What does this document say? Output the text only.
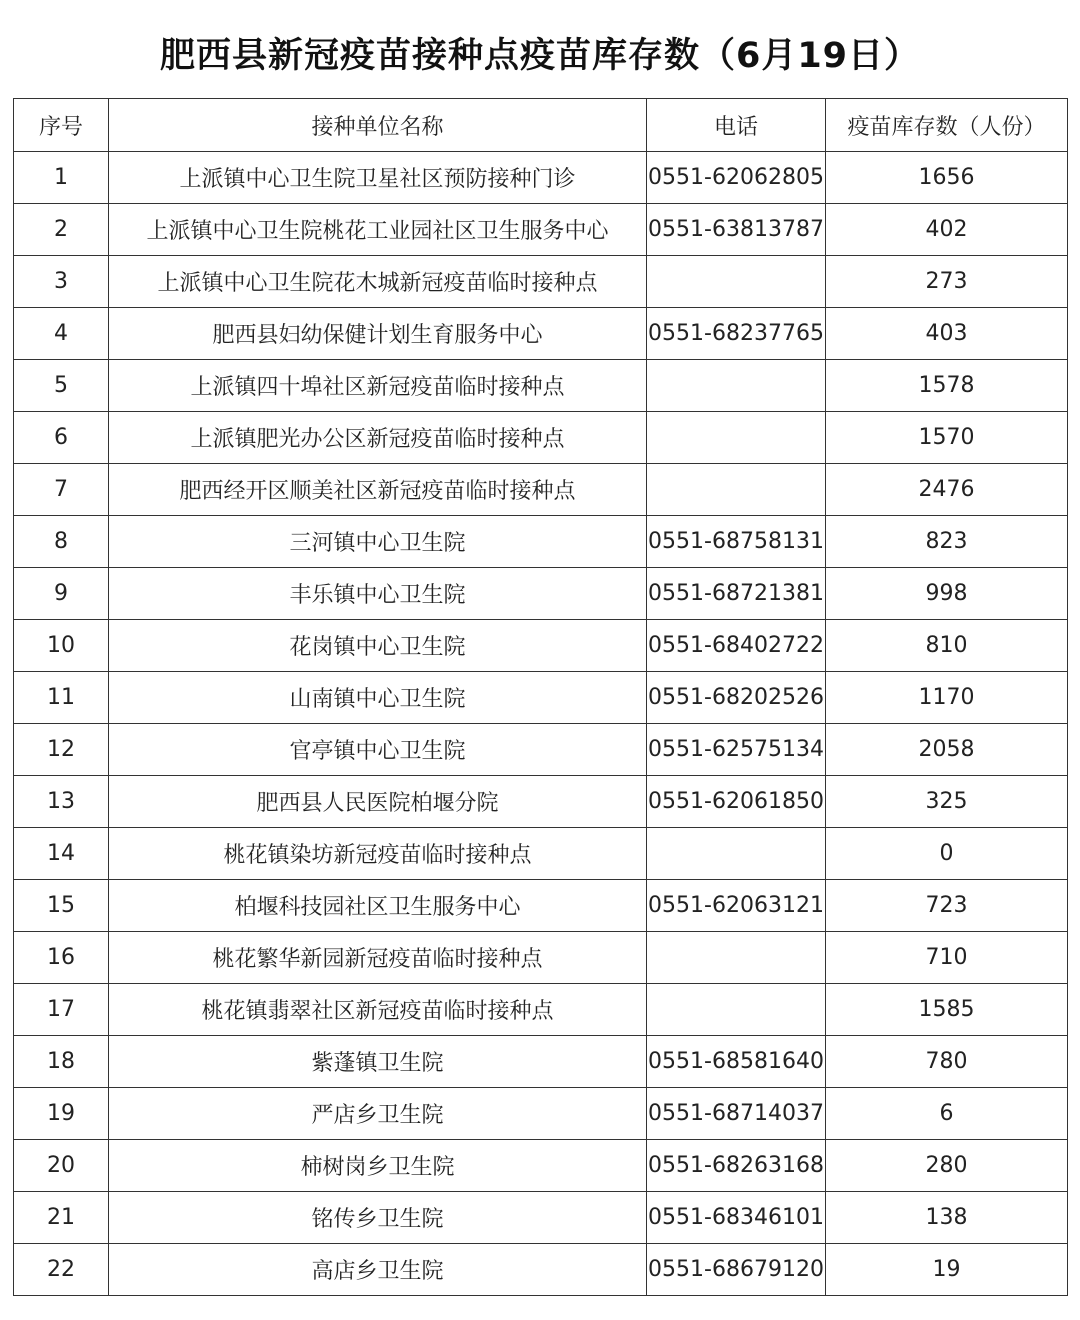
肥西县新冠疫苗接种点疫苗库存数（6月19日）
序号	接种单位名称	电话	疫苗库存数（人份）
1	上派镇中心卫生院卫星社区预防接种门诊	0551-62062805	1656
2	上派镇中心卫生院桃花工业园社区卫生服务中心	0551-63813787	402
3	上派镇中心卫生院花木城新冠疫苗临时接种点		273
4	肥西县妇幼保健计划生育服务中心	0551-68237765	403
5	上派镇四十埠社区新冠疫苗临时接种点		1578
6	上派镇肥光办公区新冠疫苗临时接种点		1570
7	肥西经开区顺美社区新冠疫苗临时接种点		2476
8	三河镇中心卫生院	0551-68758131	823
9	丰乐镇中心卫生院	0551-68721381	998
10	花岗镇中心卫生院	0551-68402722	810
11	山南镇中心卫生院	0551-68202526	1170
12	官亭镇中心卫生院	0551-62575134	2058
13	肥西县人民医院柏堰分院	0551-62061850	325
14	桃花镇染坊新冠疫苗临时接种点		0
15	柏堰科技园社区卫生服务中心	0551-62063121	723
16	桃花繁华新园新冠疫苗临时接种点		710
17	桃花镇翡翠社区新冠疫苗临时接种点		1585
18	紫蓬镇卫生院	0551-68581640	780
19	严店乡卫生院	0551-68714037	6
20	柿树岗乡卫生院	0551-68263168	280
21	铭传乡卫生院	0551-68346101	138
22	高店乡卫生院	0551-68679120	19
